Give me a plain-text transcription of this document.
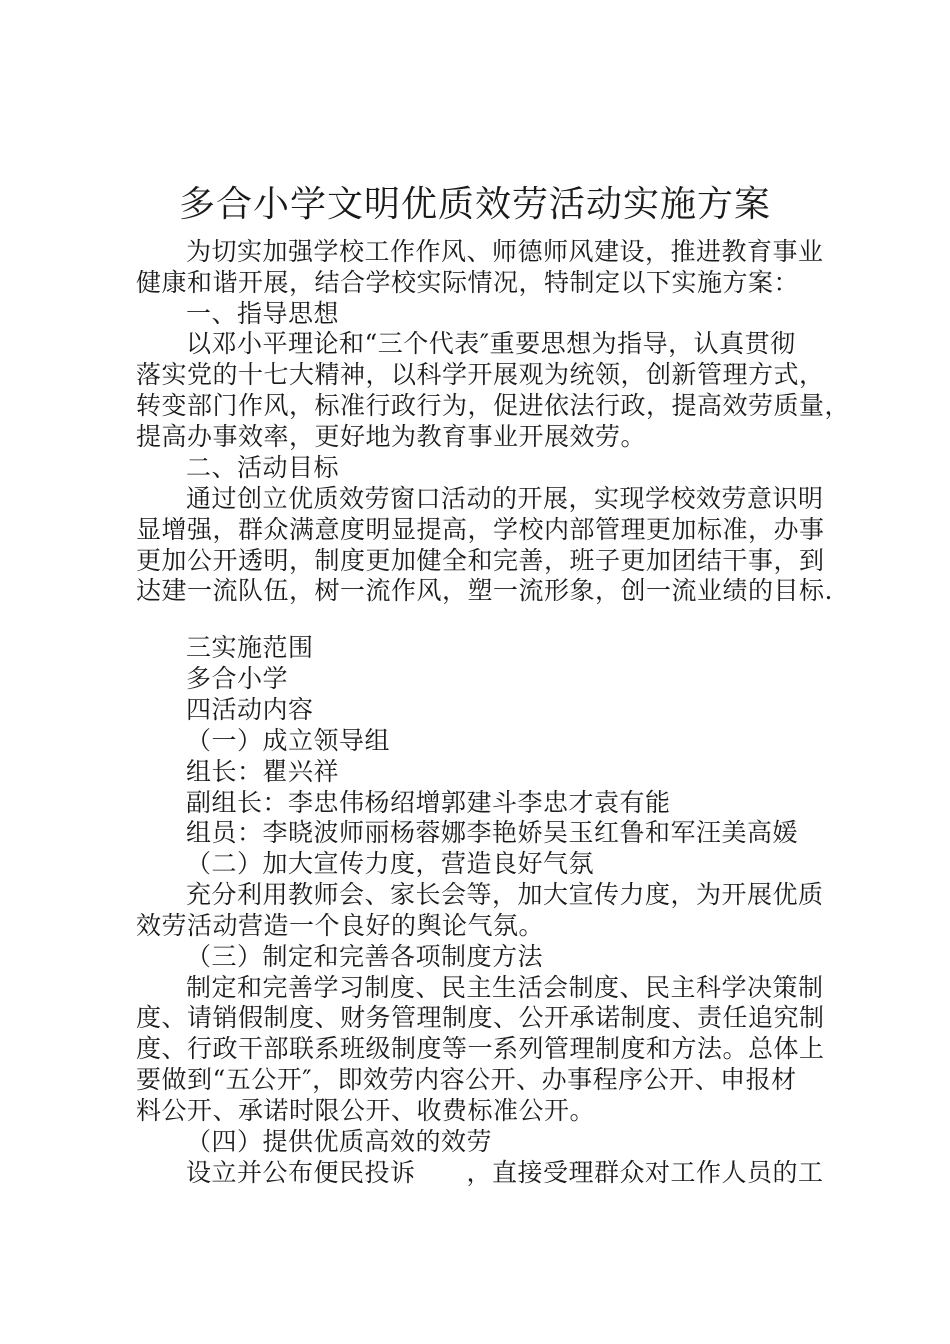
多合小学文明优质效劳活动实施方案
为切实加强学校工作作风、师德师风建设，推进教育事业
健康和谐开展，结合学校实际情况，特制定以下实施方案：
一、指导思想
以邓小平理论和“三个代表″重要思想为指导，认真贯彻
落实党的十七大精神，以科学开展观为统领，创新管理方式，
转变部门作风，标准行政行为，促进依法行政，提高效劳质量，
提高办事效率，更好地为教育事业开展效劳。
二、活动目标
通过创立优质效劳窗口活动的开展，实现学校效劳意识明
显增强，群众满意度明显提高，学校内部管理更加标准，办事
更加公开透明，制度更加健全和完善，班子更加团结干事，到
达建一流队伍，树一流作风，塑一流形象，创一流业绩的目标.
三实施范围
多合小学
四活动内容
（一）成立领导组
组长：瞿兴祥
副组长：李忠伟杨绍增郭建斗李忠才袁有能
组员：李晓波师丽杨蓉娜李艳娇吴玉红鲁和军汪美高媛
（二）加大宣传力度，营造良好气氛
充分利用教师会、家长会等，加大宣传力度，为开展优质
效劳活动营造一个良好的舆论气氛。
（三）制定和完善各项制度方法
制定和完善学习制度、民主生活会制度、民主科学决策制
度、请销假制度、财务管理制度、公开承诺制度、责任追究制
度、行政干部联系班级制度等一系列管理制度和方法。总体上
要做到“五公开″，即效劳内容公开、办事程序公开、申报材
料公开、承诺时限公开、收费标准公开。
（四）提供优质高效的效劳
设立并公布便民投诉　　，直接受理群众对工作人员的工
